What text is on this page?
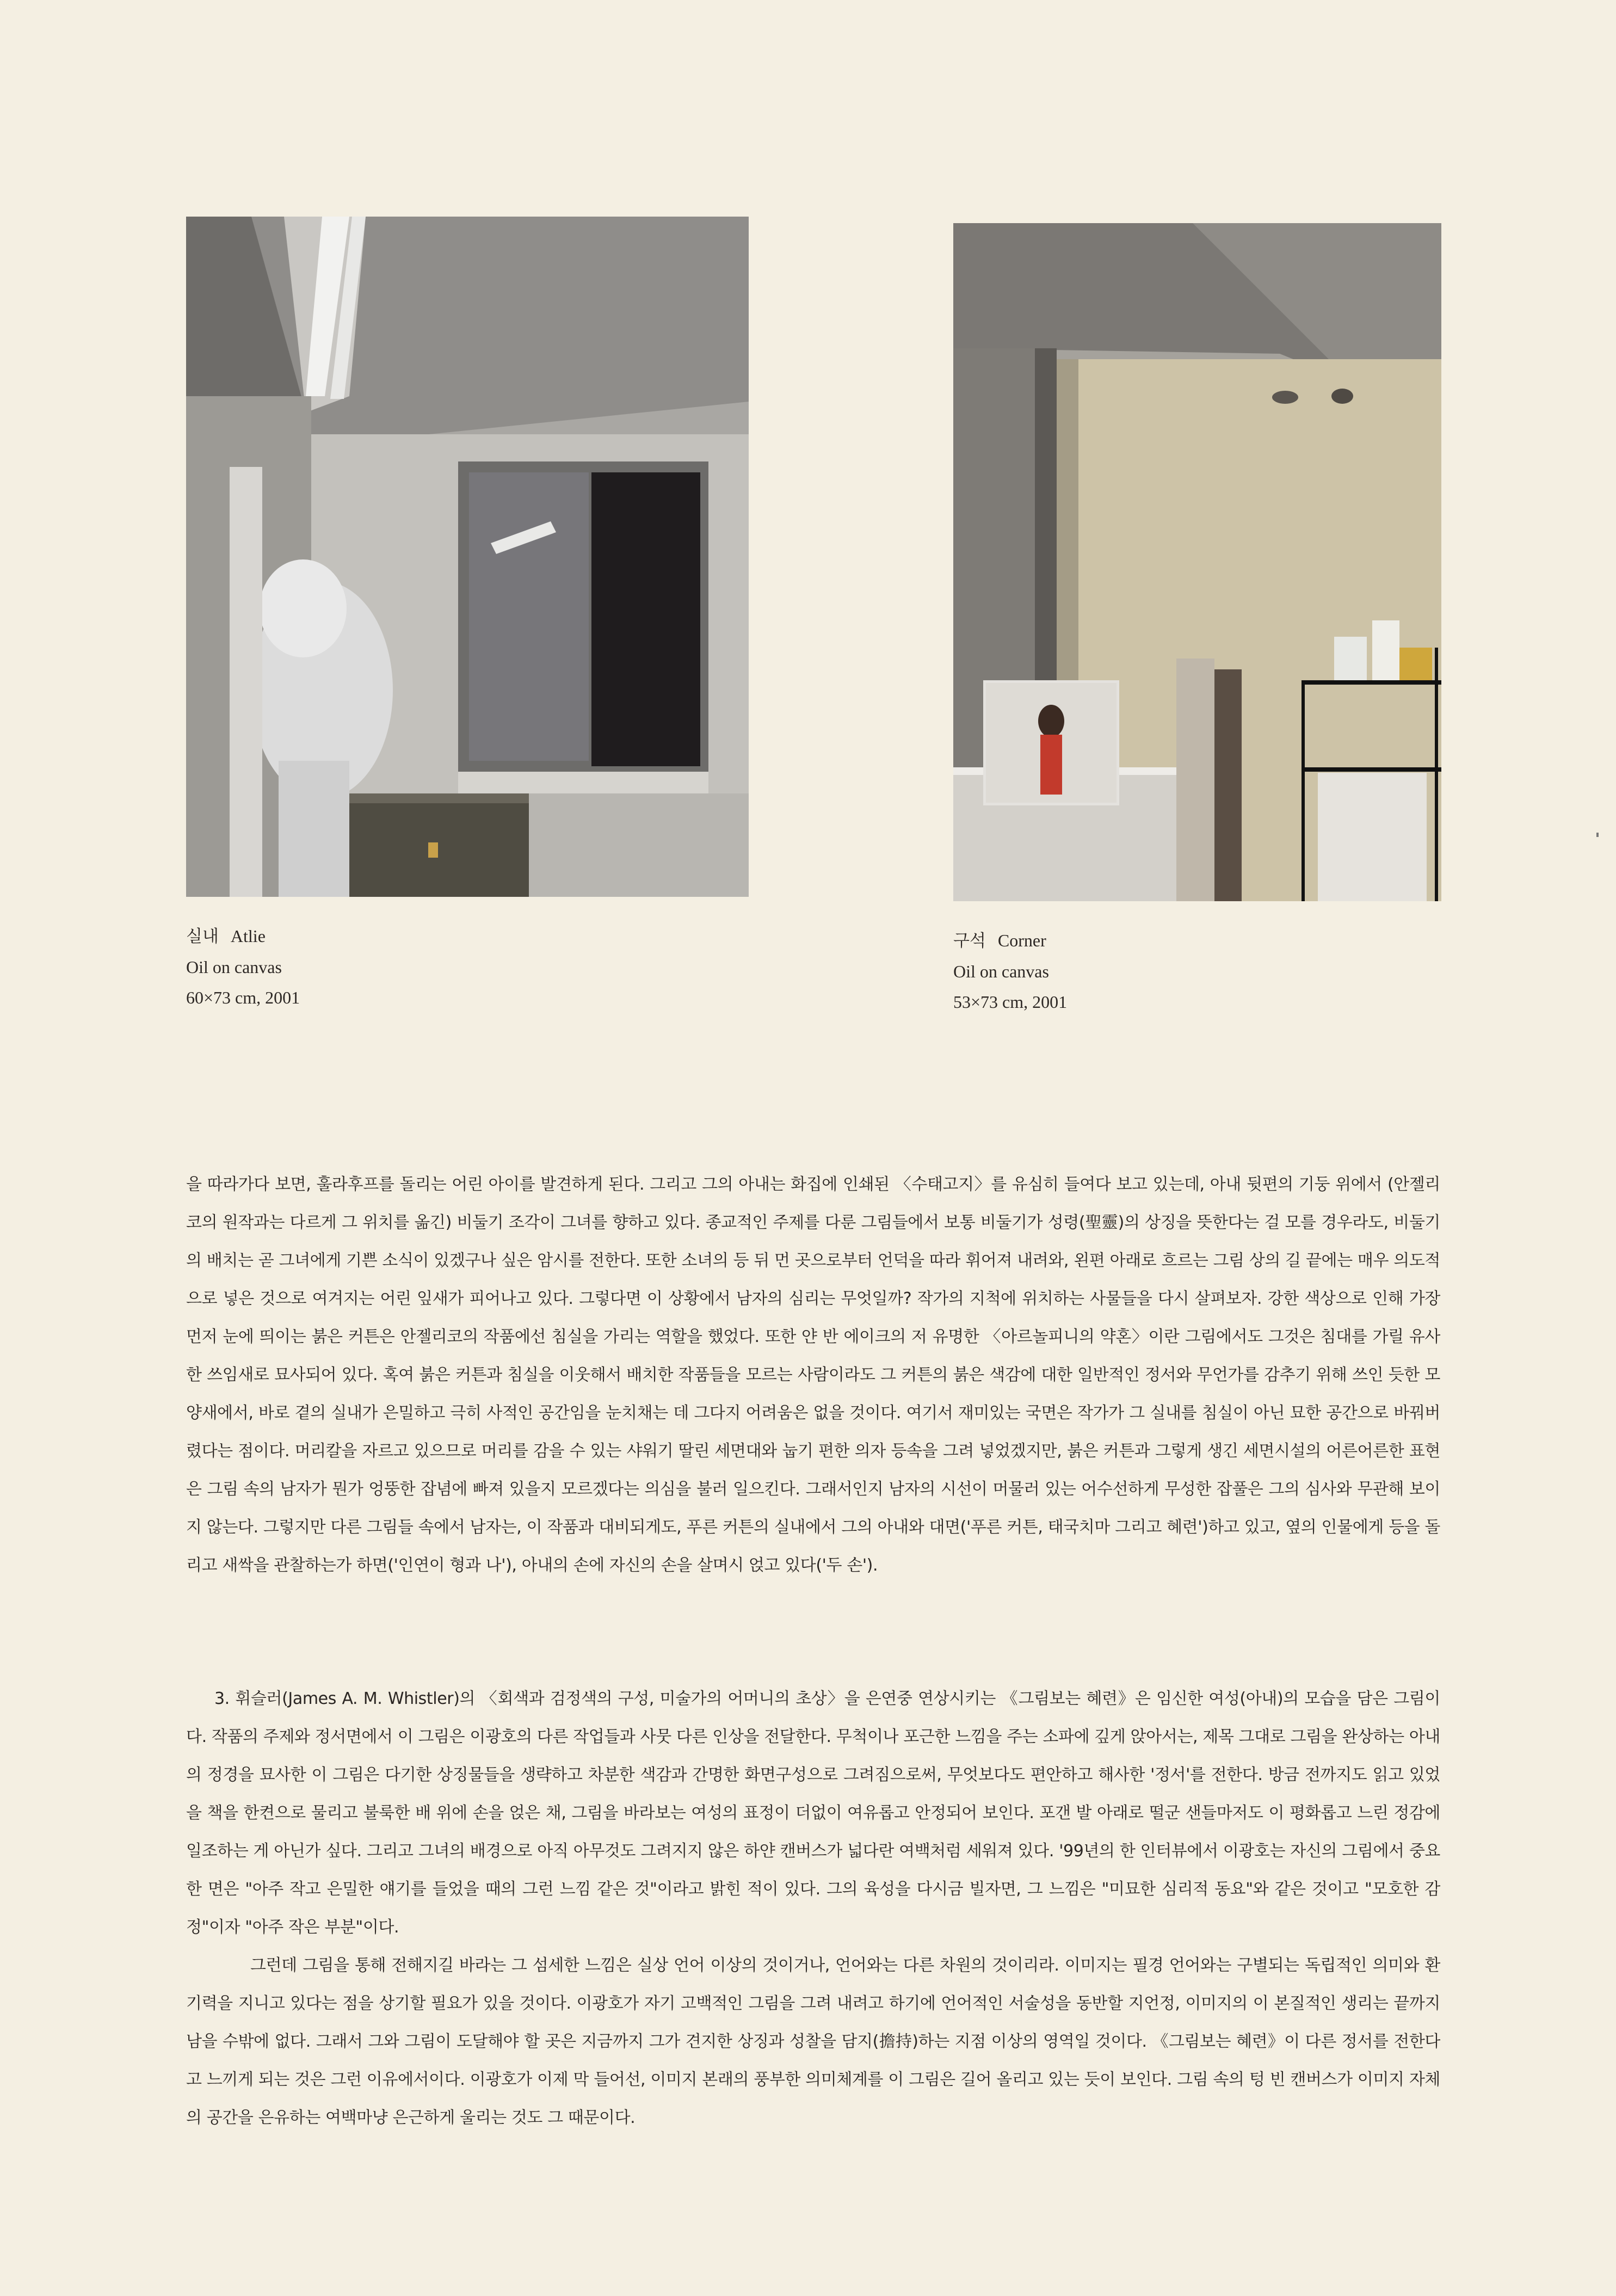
실내 Atlie
Oil on canvas
60×73 cm, 2001
구석 Corner
Oil on canvas
53×73 cm, 2001

을 따라가다 보면, 훌라후프를 돌리는 어린 아이를 발견하게 된다. 그리고 그의 아내는 화집에 인쇄된 〈수태고지〉를 유심히 들여다 보고 있는데, 아내 뒷편의 기둥 위에서 (안젤리코의 원작과는 다르게 그 위치를 옮긴) 비둘기 조각이 그녀를 향하고 있다. 종교적인 주제를 다룬 그림들에서 보통 비둘기가 성령(聖靈)의 상징을 뜻한다는 걸 모를 경우라도, 비둘기의 배치는 곧 그녀에게 기쁜 소식이 있겠구나 싶은 암시를 전한다. 또한 소녀의 등 뒤 먼 곳으로부터 언덕을 따라 휘어져 내려와, 왼편 아래로 흐르는 그림 상의 길 끝에는 매우 의도적으로 넣은 것으로 여겨지는 어린 잎새가 피어나고 있다. 그렇다면 이 상황에서 남자의 심리는 무엇일까? 작가의 지척에 위치하는 사물들을 다시 살펴보자. 강한 색상으로 인해 가장 먼저 눈에 띄이는 붉은 커튼은 안젤리코의 작품에선 침실을 가리는 역할을 했었다. 또한 얀 반 에이크의 저 유명한 〈아르놀피니의 약혼〉이란 그림에서도 그것은 침대를 가릴 유사한 쓰임새로 묘사되어 있다. 혹여 붉은 커튼과 침실을 이웃해서 배치한 작품들을 모르는 사람이라도 그 커튼의 붉은 색감에 대한 일반적인 정서와 무언가를 감추기 위해 쓰인 듯한 모양새에서, 바로 곁의 실내가 은밀하고 극히 사적인 공간임을 눈치채는 데 그다지 어려움은 없을 것이다. 여기서 재미있는 국면은 작가가 그 실내를 침실이 아닌 묘한 공간으로 바꿔버렸다는 점이다. 머리칼을 자르고 있으므로 머리를 감을 수 있는 샤워기 딸린 세면대와 눕기 편한 의자 등속을 그려 넣었겠지만, 붉은 커튼과 그렇게 생긴 세면시설의 어른어른한 표현은 그림 속의 남자가 뭔가 엉뚱한 잡념에 빠져 있을지 모르겠다는 의심을 불러 일으킨다. 그래서인지 남자의 시선이 머물러 있는 어수선하게 무성한 잡풀은 그의 심사와 무관해 보이지 않는다. 그렇지만 다른 그림들 속에서 남자는, 이 작품과 대비되게도, 푸른 커튼의 실내에서 그의 아내와 대면('푸른 커튼, 태국치마 그리고 혜련')하고 있고, 옆의 인물에게 등을 돌리고 새싹을 관찰하는가 하면('인연이 형과 나'), 아내의 손에 자신의 손을 살며시 얹고 있다('두 손').

3. 휘슬러(James A. M. Whistler)의 〈회색과 검정색의 구성, 미술가의 어머니의 초상〉을 은연중 연상시키는 《그림보는 혜련》은 임신한 여성(아내)의 모습을 담은 그림이다. 작품의 주제와 정서면에서 이 그림은 이광호의 다른 작업들과 사뭇 다른 인상을 전달한다. 무척이나 포근한 느낌을 주는 소파에 깊게 앉아서는, 제목 그대로 그림을 완상하는 아내의 정경을 묘사한 이 그림은 다기한 상징물들을 생략하고 차분한 색감과 간명한 화면구성으로 그려짐으로써, 무엇보다도 편안하고 해사한 '정서'를 전한다. 방금 전까지도 읽고 있었을 책을 한켠으로 물리고 불룩한 배 위에 손을 얹은 채, 그림을 바라보는 여성의 표정이 더없이 여유롭고 안정되어 보인다. 포갠 발 아래로 떨군 샌들마저도 이 평화롭고 느린 정감에 일조하는 게 아닌가 싶다. 그리고 그녀의 배경으로 아직 아무것도 그려지지 않은 하얀 캔버스가 넓다란 여백처럼 세워져 있다. '99년의 한 인터뷰에서 이광호는 자신의 그림에서 중요한 면은 "아주 작고 은밀한 얘기를 들었을 때의 그런 느낌 같은 것"이라고 밝힌 적이 있다. 그의 육성을 다시금 빌자면, 그 느낌은 "미묘한 심리적 동요"와 같은 것이고 "모호한 감정"이자 "아주 작은 부분"이다.

그런데 그림을 통해 전해지길 바라는 그 섬세한 느낌은 실상 언어 이상의 것이거나, 언어와는 다른 차원의 것이리라. 이미지는 필경 언어와는 구별되는 독립적인 의미와 환기력을 지니고 있다는 점을 상기할 필요가 있을 것이다. 이광호가 자기 고백적인 그림을 그려 내려고 하기에 언어적인 서술성을 동반할 지언정, 이미지의 이 본질적인 생리는 끝까지 남을 수밖에 없다. 그래서 그와 그림이 도달해야 할 곳은 지금까지 그가 견지한 상징과 성찰을 담지(擔持)하는 지점 이상의 영역일 것이다. 《그림보는 혜련》이 다른 정서를 전한다고 느끼게 되는 것은 그런 이유에서이다. 이광호가 이제 막 들어선, 이미지 본래의 풍부한 의미체계를 이 그림은 길어 올리고 있는 듯이 보인다. 그림 속의 텅 빈 캔버스가 이미지 자체의 공간을 은유하는 여백마냥 은근하게 울리는 것도 그 때문이다.
